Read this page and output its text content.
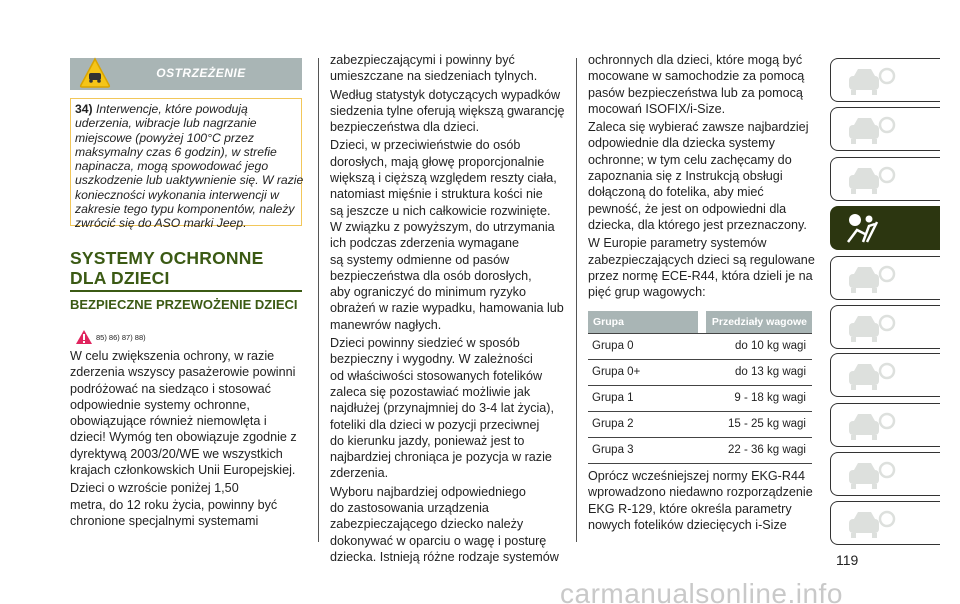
OSTRZEŻENIE
34) Interwencje, które powodują
uderzenia, wibracje lub nagrzanie
miejscowe (powyżej 100°C przez
maksymalny czas 6 godzin), w strefie
napinacza, mogą spowodować jego
uszkodzenie lub uaktywnienie się. W razie
konieczności wykonania interwencji w
zakresie tego typu komponentów, należy
zwrócić się do ASO marki Jeep.
SYSTEMY OCHRONNE DLA DZIECI
BEZPIECZNE PRZEWOŻENIE DZIECI
85) 86) 87) 88)
W celu zwiększenia ochrony, w razie
zderzenia wszyscy pasażerowie powinni
podróżować na siedząco i stosować
odpowiednie systemy ochronne,
obowiązujące również niemowlęta i
dzieci! Wymóg ten obowiązuje zgodnie z
dyrektywą 2003/20/WE we wszystkich
krajach członkowskich Unii Europejskiej.
Dzieci o wzroście poniżej 1,50
metra, do 12 roku życia, powinny być
chronione specjalnymi systemami
zabezpieczającymi i powinny być
umieszczane na siedzeniach tylnych.
Według statystyk dotyczących wypadków
siedzenia tylne oferują większą gwarancję
bezpieczeństwa dla dzieci.
Dzieci, w przeciwieństwie do osób
dorosłych, mają głowę proporcjonalnie
większą i cięższą względem reszty ciała,
natomiast mięśnie i struktura kości nie
są jeszcze u nich całkowicie rozwinięte.
W związku z powyższym, do utrzymania
ich podczas zderzenia wymagane
są systemy odmienne od pasów
bezpieczeństwa dla osób dorosłych,
aby ograniczyć do minimum ryzyko
obrażeń w razie wypadku, hamowania lub
manewrów nagłych.
Dzieci powinny siedzieć w sposób
bezpieczny i wygodny. W zależności
od właściwości stosowanych fotelików
zaleca się pozostawiać możliwie jak
najdłużej (przynajmniej do 3-4 lat życia),
foteliki dla dzieci w pozycji przeciwnej
do kierunku jazdy, ponieważ jest to
najbardziej chroniąca je pozycja w razie
zderzenia.
Wyboru najbardziej odpowiedniego
do zastosowania urządzenia
zabezpieczającego dziecko należy
dokonywać w oparciu o wagę i posturę
dziecka. Istnieją różne rodzaje systemów
ochronnych dla dzieci, które mogą być
mocowane w samochodzie za pomocą
pasów bezpieczeństwa lub za pomocą
mocowań ISOFIX/i-Size.
Zaleca się wybierać zawsze najbardziej
odpowiednie dla dziecka systemy
ochronne; w tym celu zachęcamy do
zapoznania się z Instrukcją obsługi
dołączoną do fotelika, aby mieć
pewność, że jest on odpowiedni dla
dziecka, dla którego jest przeznaczony.
W Europie parametry systemów
zabezpieczających dzieci są regulowane
przez normę ECE-R44, która dzieli je na
pięć grup wagowych:
Grupa	Przedziały wagowe
Grupa 0	do 10 kg wagi
Grupa 0+	do 13 kg wagi
Grupa 1	9 - 18 kg wagi
Grupa 2	15 - 25 kg wagi
Grupa 3	22 - 36 kg wagi
Oprócz wcześniejszej normy EKG-R44
wprowadzono niedawno rozporządzenie
EKG R-129, które określa parametry
nowych fotelików dziecięcych i-Size
119
carmanualsonline.info
